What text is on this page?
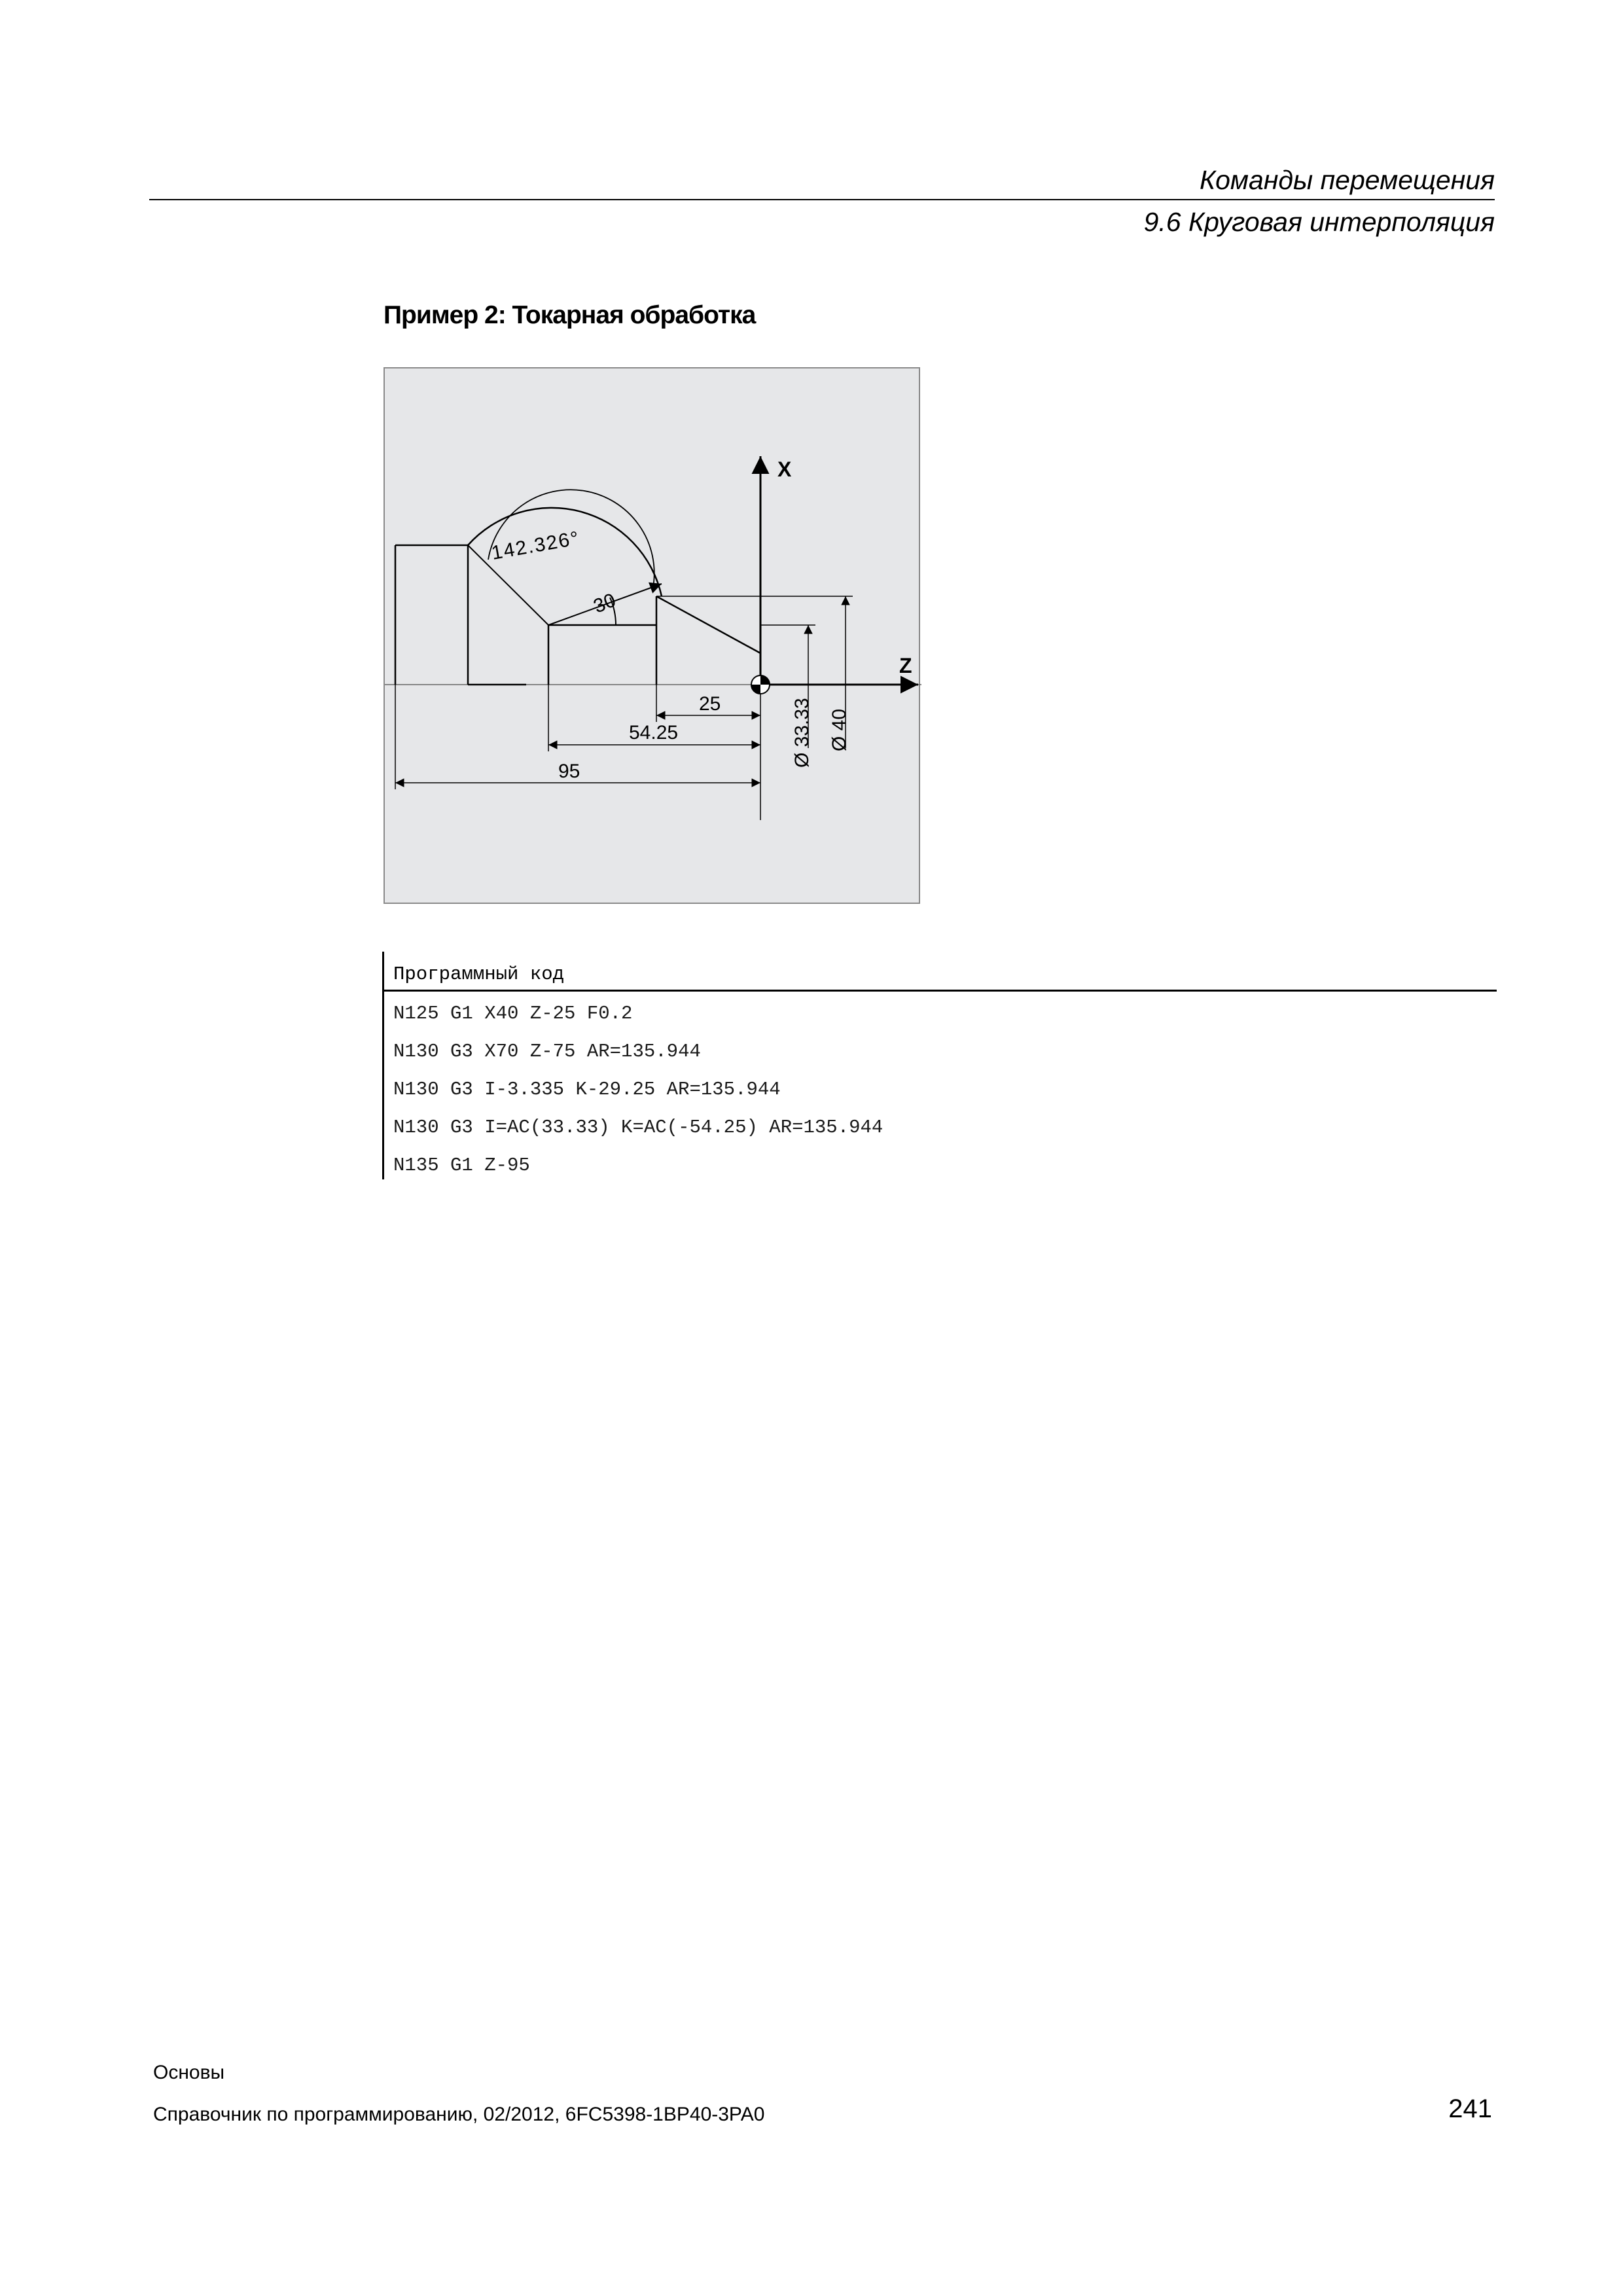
Команды перемещения
9.6 Круговая интерполяция
Пример 2: Токарная обработка
X
Z
Ø 33.33 Ø 40
25
54.25
95
30
142.326°
Программный код
N125 G1 X40 Z-25 F0.2
N130 G3 X70 Z-75 AR=135.944
N130 G3 I-3.335 K-29.25 AR=135.944
N130 G3 I=AC(33.33) K=AC(-54.25) AR=135.944
N135 G1 Z-95
Основы
Справочник по программированию, 02/2012, 6FC5398-1BP40-3PA0	241
